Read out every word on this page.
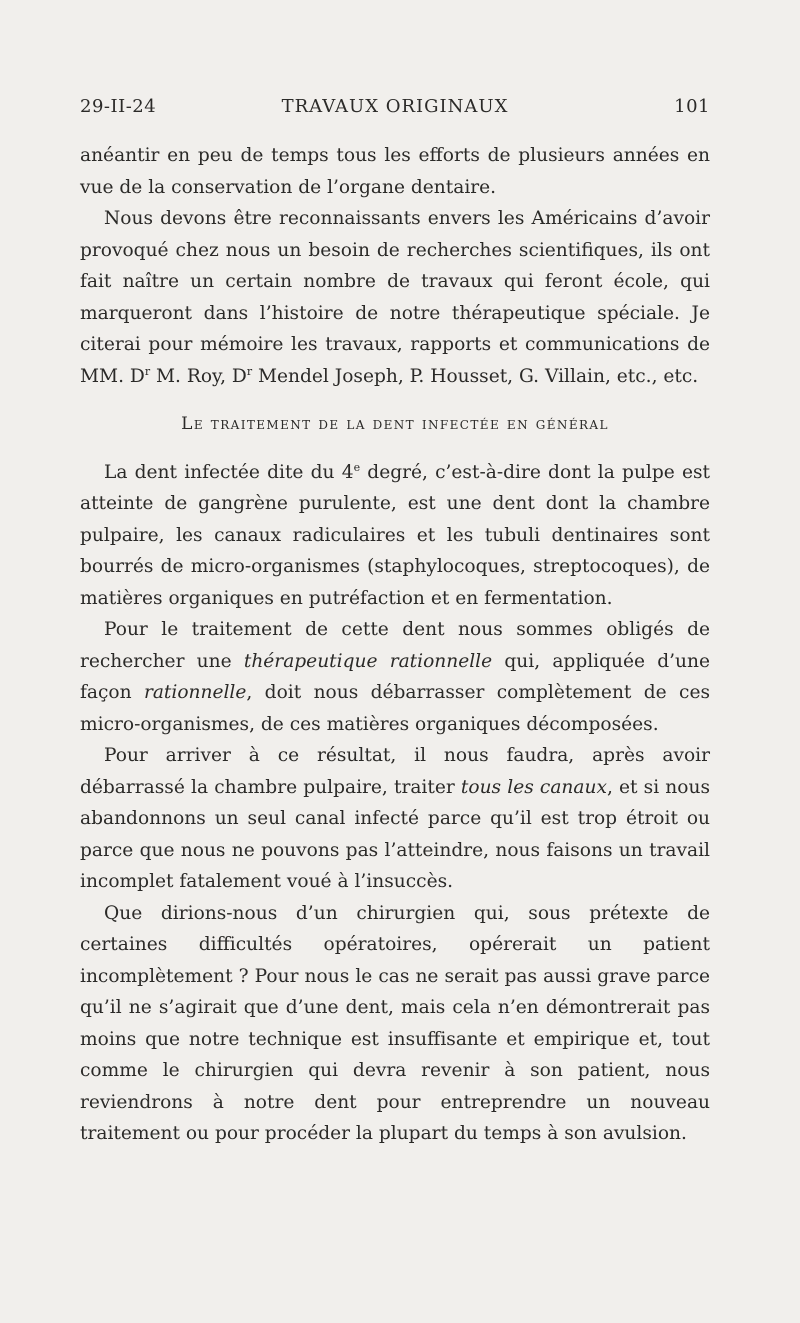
29-II-24	TRAVAUX ORIGINAUX	101

anéantir en peu de temps tous les efforts de plusieurs années en vue de la conservation de l’organe dentaire.

Nous devons être reconnaissants envers les Américains d’avoir provoqué chez nous un besoin de recherches scientifiques, ils ont fait naître un certain nombre de travaux qui feront école, qui marqueront dans l’histoire de notre thérapeutique spéciale. Je citerai pour mémoire les travaux, rapports et communications de MM. $D^r$ M. Roy, $D^r$ Mendel Joseph, P. Housset, G. Villain, etc., etc.

Le traitement de la dent infectée en général

La dent infectée dite du 4e degré, c’est-à-dire dont la pulpe est atteinte de gangrène purulente, est une dent dont la chambre pulpaire, les canaux radiculaires et les tubuli dentinaires sont bourrés de micro-organismes (staphylocoques, streptocoques), de matières organiques en putréfaction et en fermentation.

Pour le traitement de cette dent nous sommes obligés de rechercher une thérapeutique rationnelle qui, appliquée d’une façon rationnelle, doit nous débarrasser complètement de ces micro-organismes, de ces matières organiques décomposées.

Pour arriver à ce résultat, il nous faudra, après avoir débarrassé la chambre pulpaire, traiter tous les canaux, et si nous abandonnons un seul canal infecté parce qu’il est trop étroit ou parce que nous ne pouvons pas l’atteindre, nous faisons un travail incomplet fatalement voué à l’insuccès.

Que dirions-nous d’un chirurgien qui, sous prétexte de certaines difficultés opératoires, opérerait un patient incomplètement ? Pour nous le cas ne serait pas aussi grave parce qu’il ne s’agirait que d’une dent, mais cela n’en démontrerait pas moins que notre technique est insuffisante et empirique et, tout comme le chirurgien qui devra revenir à son patient, nous reviendrons à notre dent pour entreprendre un nouveau traitement ou pour procéder la plupart du temps à son avulsion.
